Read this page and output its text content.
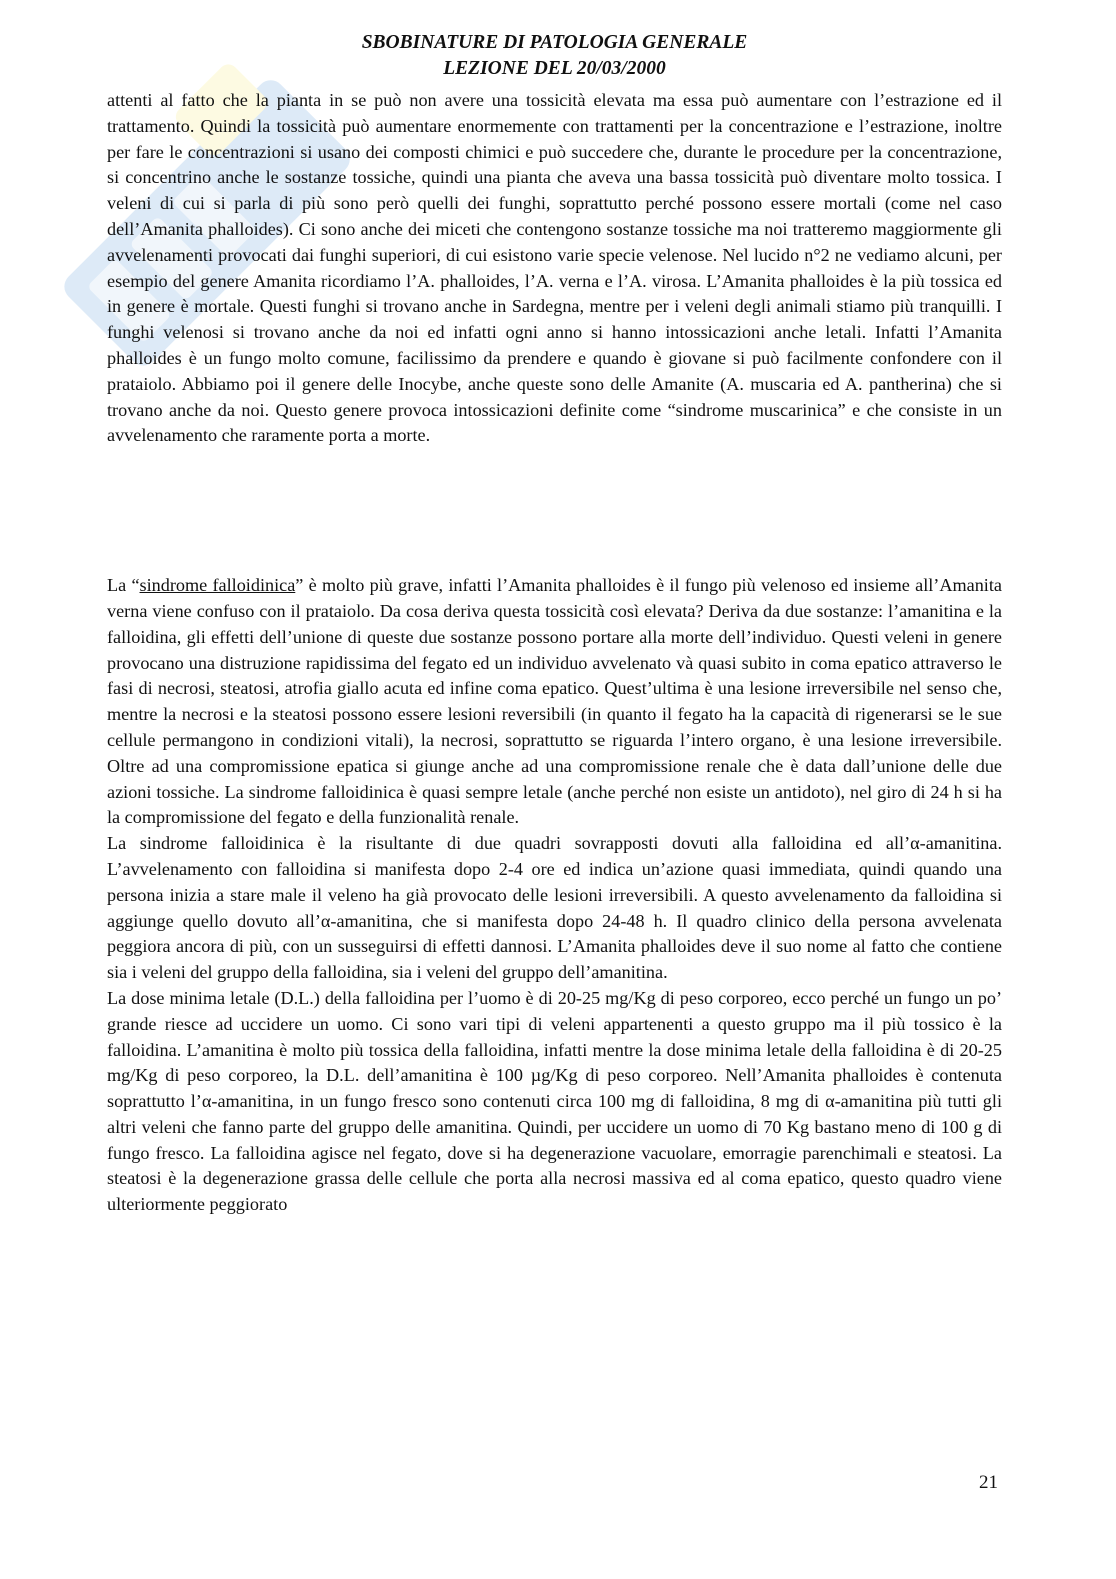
SBOBINATURE DI PATOLOGIA GENERALE
LEZIONE DEL 20/03/2000

attenti al fatto che la pianta in se può non avere una tossicità elevata ma essa può aumentare con l’estrazione ed il trattamento. Quindi la tossicità può aumentare enormemente con trattamenti per la concentrazione e l’estrazione, inoltre per fare le concentrazioni si usano dei composti chimici e può succedere che, durante le procedure per la concentrazione, si concentrino anche le sostanze tossiche, quindi una pianta che aveva una bassa tossicità può diventare molto tossica. I veleni di cui si parla di più sono però quelli dei funghi, soprattutto perché possono essere mortali (come nel caso dell’Amanita phalloides). Ci sono anche dei miceti che contengono sostanze tossiche ma noi tratteremo maggiormente gli avvelenamenti provocati dai funghi superiori, di cui esistono varie specie velenose. Nel lucido n°2 ne vediamo alcuni, per esempio del genere Amanita ricordiamo l’A. phalloides, l’A. verna e l’A. virosa. L’Amanita phalloides è la più tossica ed in genere è mortale. Questi funghi si trovano anche in Sardegna, mentre per i veleni degli animali stiamo più tranquilli. I funghi velenosi si trovano anche da noi ed infatti ogni anno si hanno intossicazioni anche letali. Infatti l’Amanita phalloides è un fungo molto comune, facilissimo da prendere e quando è giovane si può facilmente confondere con il prataiolo. Abbiamo poi il genere delle Inocybe, anche queste sono delle Amanite (A. muscaria ed A. pantherina) che si trovano anche da noi. Questo genere provoca intossicazioni definite come “sindrome muscarinica” e che consiste in un avvelenamento che raramente porta a morte.

La “sindrome falloidinica” è molto più grave, infatti l’Amanita phalloides è il fungo più velenoso ed insieme all’Amanita verna viene confuso con il prataiolo. Da cosa deriva questa tossicità così elevata? Deriva da due sostanze: l’amanitina e la falloidina, gli effetti dell’unione di queste due sostanze possono portare alla morte dell’individuo. Questi veleni in genere provocano una distruzione rapidissima del fegato ed un individuo avvelenato và quasi subito in coma epatico attraverso le fasi di necrosi, steatosi, atrofia giallo acuta ed infine coma epatico. Quest’ultima è una lesione irreversibile nel senso che, mentre la necrosi e la steatosi possono essere lesioni reversibili (in quanto il fegato ha la capacità di rigenerarsi se le sue cellule permangono in condizioni vitali), la necrosi, soprattutto se riguarda l’intero organo, è una lesione irreversibile. Oltre ad una compromissione epatica si giunge anche ad una compromissione renale che è data dall’unione delle due azioni tossiche. La sindrome falloidinica è quasi sempre letale (anche perché non esiste un antidoto), nel giro di 24 h si ha la compromissione del fegato e della funzionalità renale.

La sindrome falloidinica è la risultante di due quadri sovrapposti dovuti alla falloidina ed all’α-amanitina. L’avvelenamento con falloidina si manifesta dopo 2-4 ore ed indica un’azione quasi immediata, quindi quando una persona inizia a stare male il veleno ha già provocato delle lesioni irreversibili. A questo avvelenamento da falloidina si aggiunge quello dovuto all’α-amanitina, che si manifesta dopo 24-48 h. Il quadro clinico della persona avvelenata peggiora ancora di più, con un susseguirsi di effetti dannosi. L’Amanita phalloides deve il suo nome al fatto che contiene sia i veleni del gruppo della falloidina, sia i veleni del gruppo dell’amanitina.

La dose minima letale (D.L.) della falloidina per l’uomo è di 20-25 mg/Kg di peso corporeo, ecco perché un fungo un po’ grande riesce ad uccidere un uomo. Ci sono vari tipi di veleni appartenenti a questo gruppo ma il più tossico è la falloidina. L’amanitina è molto più tossica della falloidina, infatti mentre la dose minima letale della falloidina è di 20-25 mg/Kg di peso corporeo, la D.L. dell’amanitina è 100 µg/Kg di peso corporeo. Nell’Amanita phalloides è contenuta soprattutto l’α-amanitina, in un fungo fresco sono contenuti circa 100 mg di falloidina, 8 mg di α-amanitina più tutti gli altri veleni che fanno parte del gruppo delle amanitina. Quindi, per uccidere un uomo di 70 Kg bastano meno di 100 g di fungo fresco. La falloidina agisce nel fegato, dove si ha degenerazione vacuolare, emorragie parenchimali e steatosi. La steatosi è la degenerazione grassa delle cellule che porta alla necrosi massiva ed al coma epatico, questo quadro viene ulteriormente peggiorato

21
